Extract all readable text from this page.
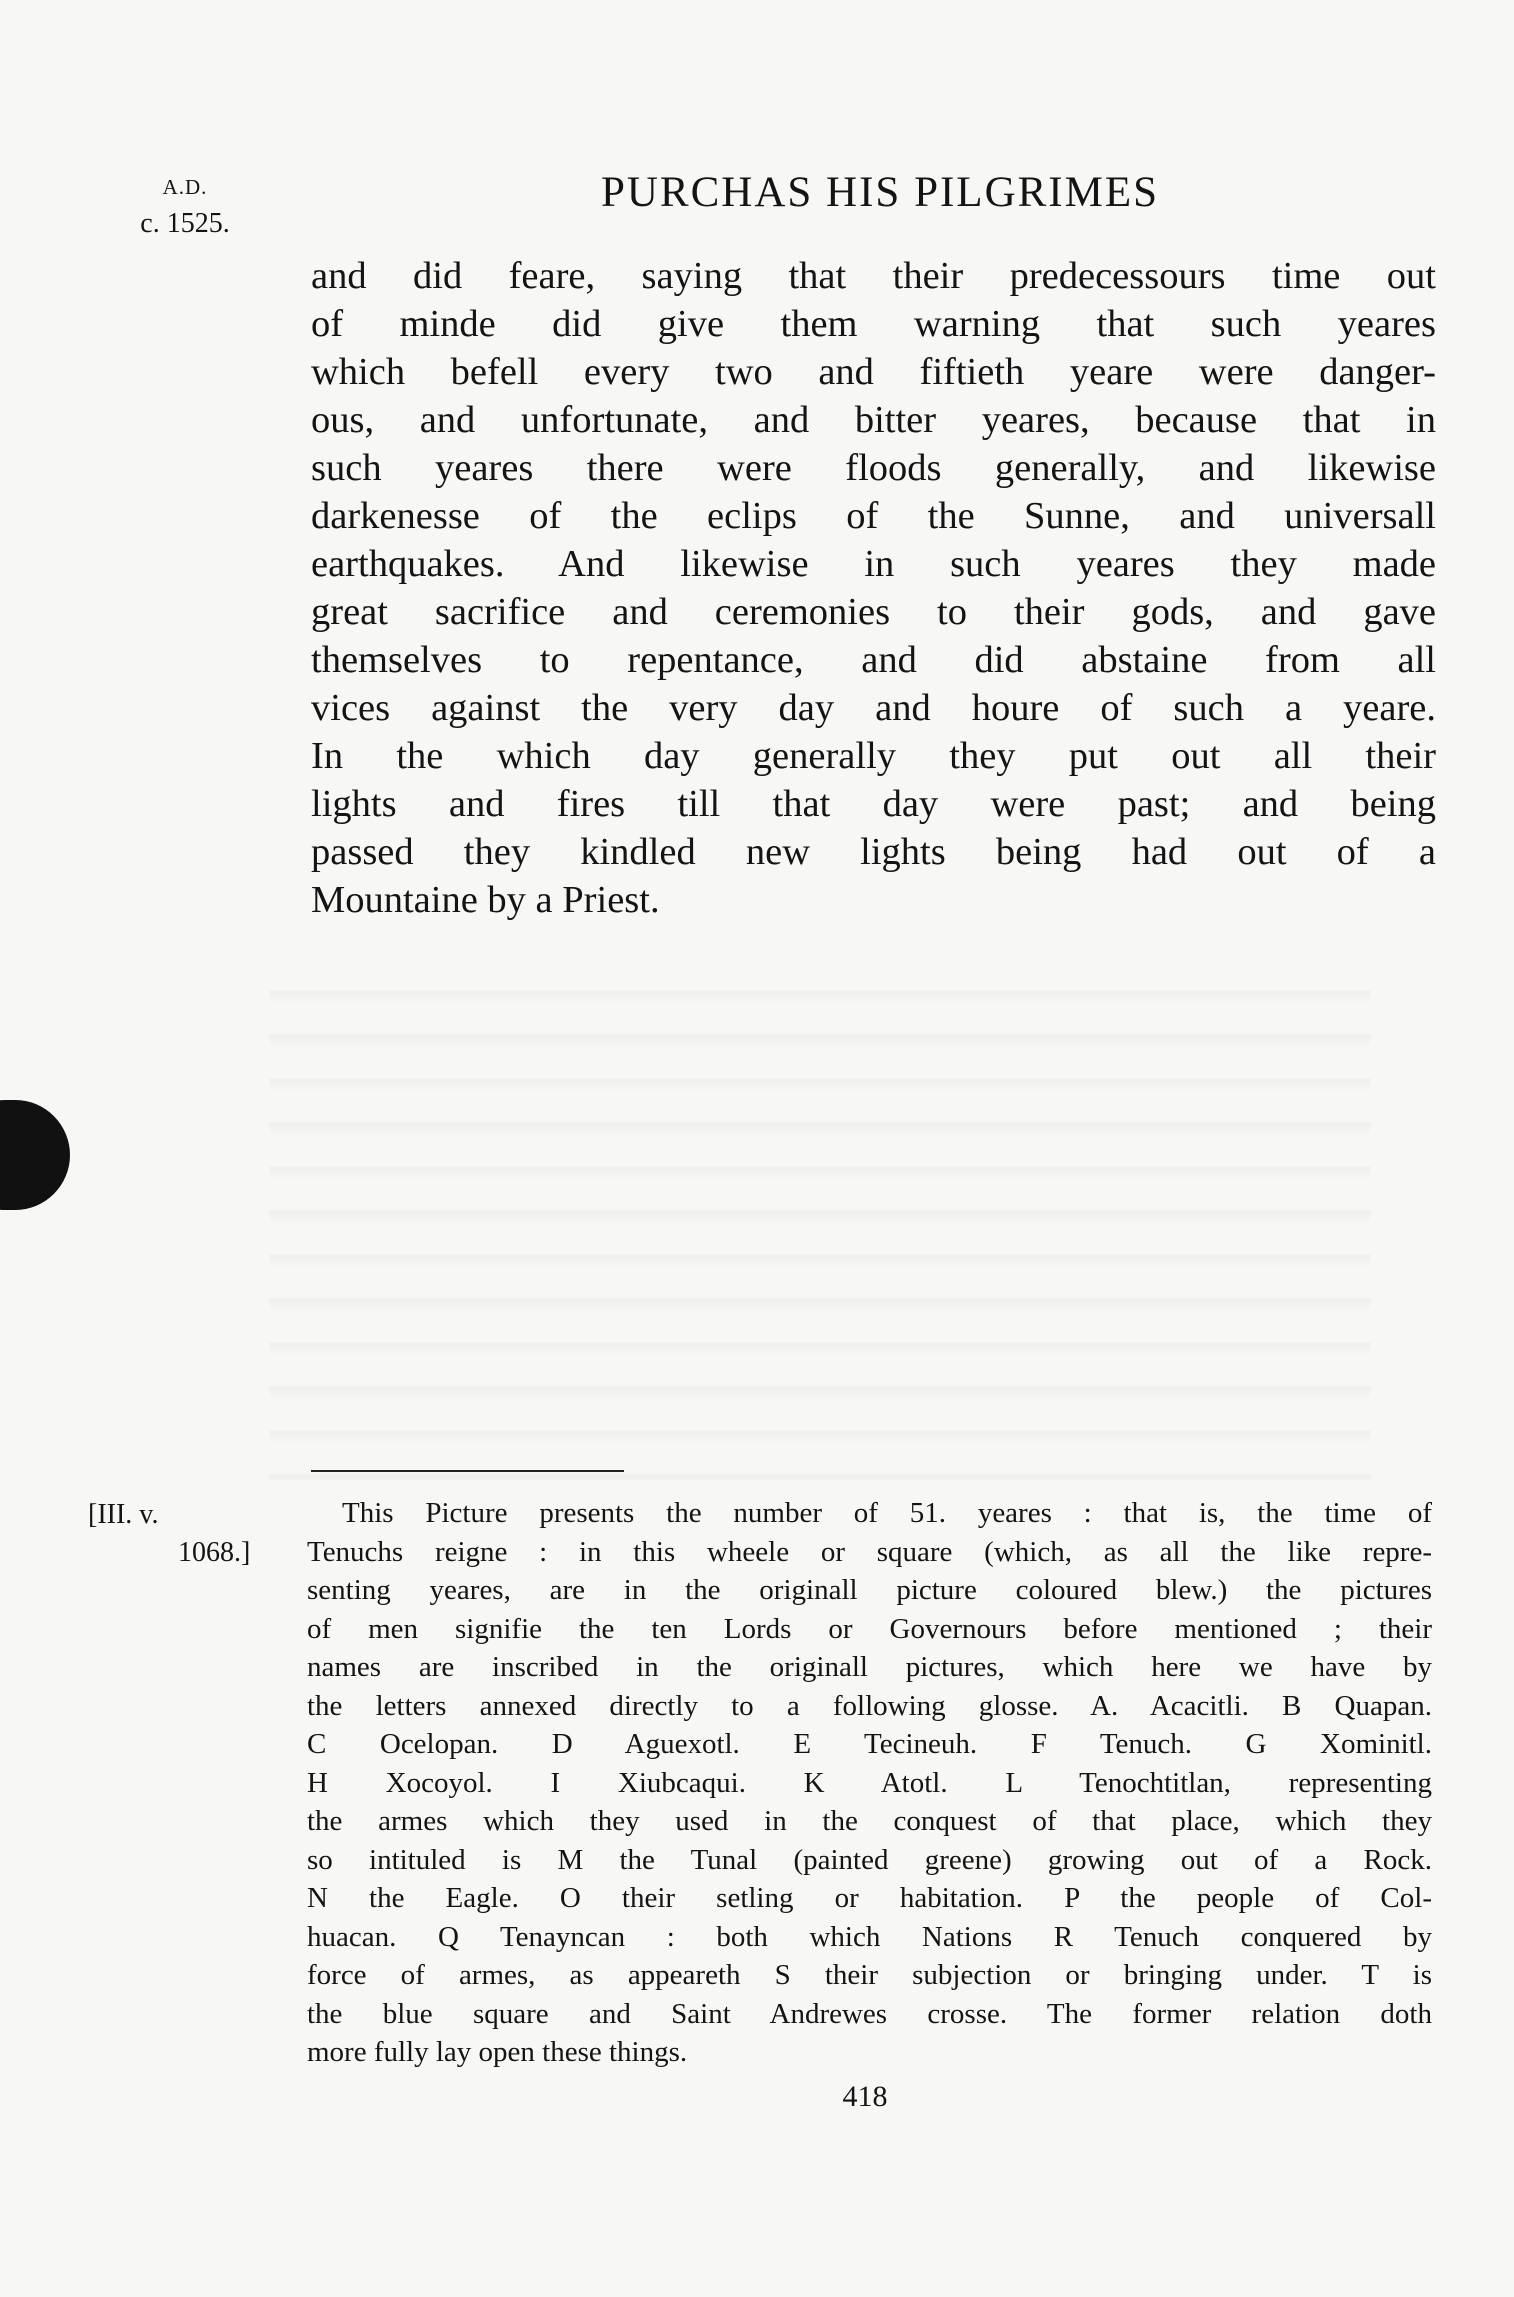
A.D.
c. 1525.
PURCHAS HIS PILGRIMES
and did feare, saying that their predecessours time out
of minde did give them warning that such yeares
which befell every two and fiftieth yeare were danger-
ous, and unfortunate, and bitter yeares, because that in
such yeares there were floods generally, and likewise
darkenesse of the eclips of the Sunne, and universall
earthquakes. And likewise in such yeares they made
great sacrifice and ceremonies to their gods, and gave
themselves to repentance, and did abstaine from all
vices against the very day and houre of such a yeare.
In the which day generally they put out all their
lights and fires till that day were past; and being
passed they kindled new lights being had out of a
Mountaine by a Priest.
[III. v.
1068.]
This Picture presents the number of 51. yeares : that is, the time of
Tenuchs reigne : in this wheele or square (which, as all the like repre-
senting yeares, are in the originall picture coloured blew.) the pictures
of men signifie the ten Lords or Governours before mentioned ; their
names are inscribed in the originall pictures, which here we have by
the letters annexed directly to a following glosse. A. Acacitli. B Quapan.
C Ocelopan. D Aguexotl. E Tecineuh. F Tenuch. G Xominitl.
H Xocoyol. I Xiubcaqui. K Atotl. L Tenochtitlan, representing
the armes which they used in the conquest of that place, which they
so intituled is M the Tunal (painted greene) growing out of a Rock.
N the Eagle. O their setling or habitation. P the people of Col-
huacan. Q Tenayncan : both which Nations R Tenuch conquered by
force of armes, as appeareth S their subjection or bringing under. T is
the blue square and Saint Andrewes crosse. The former relation doth
more fully lay open these things.
418
